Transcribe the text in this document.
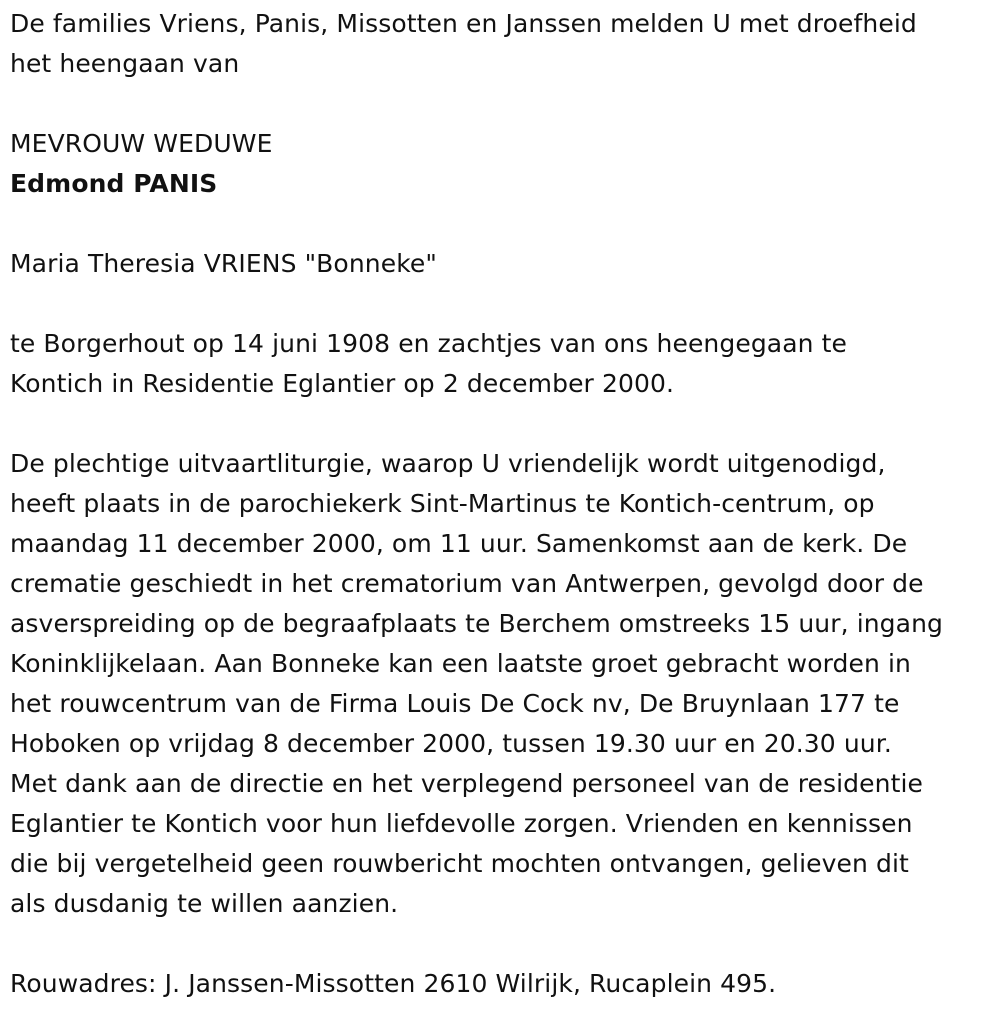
De families Vriens, Panis, Missotten en Janssen melden U met droefheid
het heengaan van
MEVROUW WEDUWE
Edmond PANIS
Maria Theresia VRIENS "Bonneke"
te Borgerhout op 14 juni 1908 en zachtjes van ons heengegaan te
Kontich in Residentie Eglantier op 2 december 2000.
De plechtige uitvaartliturgie, waarop U vriendelijk wordt uitgenodigd,
heeft plaats in de parochiekerk Sint-Martinus te Kontich-centrum, op
maandag 11 december 2000, om 11 uur. Samenkomst aan de kerk. De
crematie geschiedt in het crematorium van Antwerpen, gevolgd door de
asverspreiding op de begraafplaats te Berchem omstreeks 15 uur, ingang
Koninklijkelaan. Aan Bonneke kan een laatste groet gebracht worden in
het rouwcentrum van de Firma Louis De Cock nv, De Bruynlaan 177 te
Hoboken op vrijdag 8 december 2000, tussen 19.30 uur en 20.30 uur.
Met dank aan de directie en het verplegend personeel van de residentie
Eglantier te Kontich voor hun liefdevolle zorgen. Vrienden en kennissen
die bij vergetelheid geen rouwbericht mochten ontvangen, gelieven dit
als dusdanig te willen aanzien.
Rouwadres: J. Janssen-Missotten 2610 Wilrijk, Rucaplein 495.
